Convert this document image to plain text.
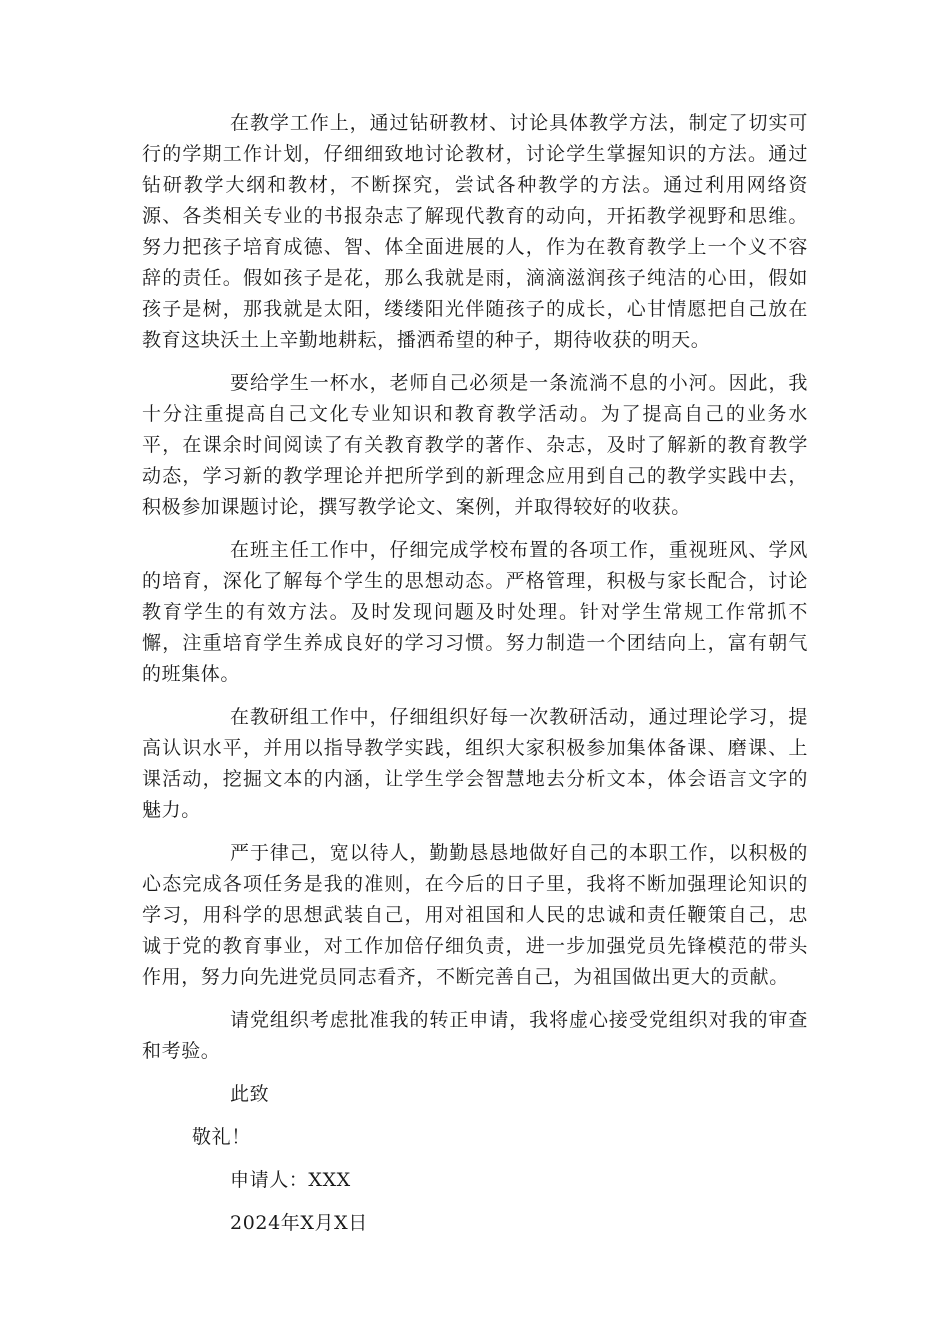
在教学工作上，通过钻研教材、讨论具体教学方法，制定了切实可行的学期工作计划，仔细细致地讨论教材，讨论学生掌握知识的方法。通过钻研教学大纲和教材，不断探究，尝试各种教学的方法。通过利用网络资源、各类相关专业的书报杂志了解现代教育的动向，开拓教学视野和思维。努力把孩子培育成德、智、体全面进展的人，作为在教育教学上一个义不容辞的责任。假如孩子是花，那么我就是雨，滴滴滋润孩子纯洁的心田，假如孩子是树，那我就是太阳，缕缕阳光伴随孩子的成长，心甘情愿把自己放在教育这块沃土上辛勤地耕耘，播洒希望的种子，期待收获的明天。

要给学生一杯水，老师自己必须是一条流淌不息的小河。因此，我十分注重提高自己文化专业知识和教育教学活动。为了提高自己的业务水平，在课余时间阅读了有关教育教学的著作、杂志，及时了解新的教育教学动态，学习新的教学理论并把所学到的新理念应用到自己的教学实践中去，积极参加课题讨论，撰写教学论文、案例，并取得较好的收获。

在班主任工作中，仔细完成学校布置的各项工作，重视班风、学风的培育，深化了解每个学生的思想动态。严格管理，积极与家长配合，讨论教育学生的有效方法。及时发现问题及时处理。针对学生常规工作常抓不懈，注重培育学生养成良好的学习习惯。努力制造一个团结向上，富有朝气的班集体。

在教研组工作中，仔细组织好每一次教研活动，通过理论学习，提高认识水平，并用以指导教学实践，组织大家积极参加集体备课、磨课、上课活动，挖掘文本的内涵，让学生学会智慧地去分析文本，体会语言文字的魅力。

严于律己，宽以待人，勤勤恳恳地做好自己的本职工作，以积极的心态完成各项任务是我的准则，在今后的日子里，我将不断加强理论知识的学习，用科学的思想武装自己，用对祖国和人民的忠诚和责任鞭策自己，忠诚于党的教育事业，对工作加倍仔细负责，进一步加强党员先锋模范的带头作用，努力向先进党员同志看齐，不断完善自己，为祖国做出更大的贡献。

请党组织考虑批准我的转正申请，我将虚心接受党组织对我的审查和考验。

此致
敬礼！
申请人：XXX
2024年X月X日
